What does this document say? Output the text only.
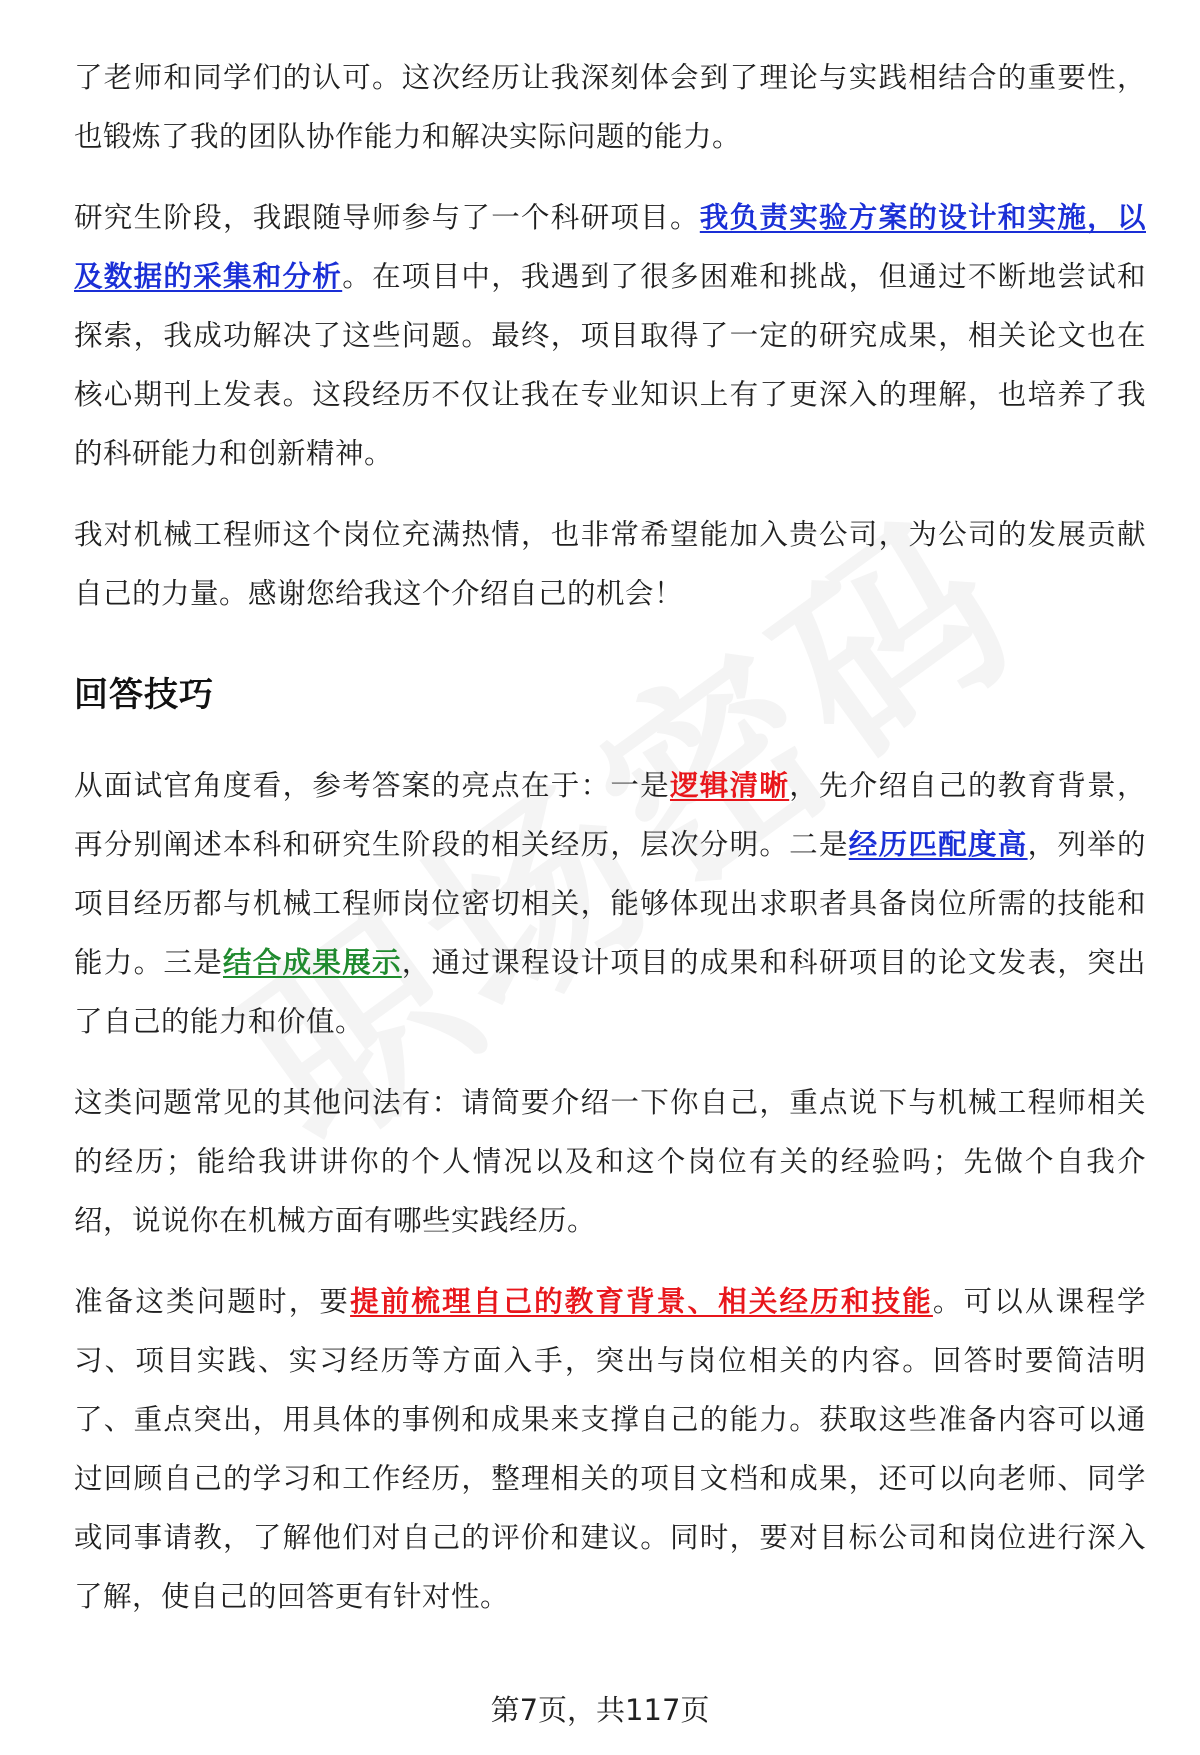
了老师和同学们的认可。这次经历让我深刻体会到了理论与实践相结合的重要性，也锻炼了我的团队协作能力和解决实际问题的能力。

研究生阶段，我跟随导师参与了一个科研项目。我负责实验方案的设计和实施，以及数据的采集和分析。在项目中，我遇到了很多困难和挑战，但通过不断地尝试和探索，我成功解决了这些问题。最终，项目取得了一定的研究成果，相关论文也在核心期刊上发表。这段经历不仅让我在专业知识上有了更深入的理解，也培养了我的科研能力和创新精神。

我对机械工程师这个岗位充满热情，也非常希望能加入贵公司，为公司的发展贡献自己的力量。感谢您给我这个介绍自己的机会！

回答技巧

从面试官角度看，参考答案的亮点在于：一是逻辑清晰，先介绍自己的教育背景，再分别阐述本科和研究生阶段的相关经历，层次分明。二是经历匹配度高，列举的项目经历都与机械工程师岗位密切相关，能够体现出求职者具备岗位所需的技能和能力。三是结合成果展示，通过课程设计项目的成果和科研项目的论文发表，突出了自己的能力和价值。

这类问题常见的其他问法有：请简要介绍一下你自己，重点说下与机械工程师相关的经历；能给我讲讲你的个人情况以及和这个岗位有关的经验吗；先做个自我介绍，说说你在机械方面有哪些实践经历。

准备这类问题时，要提前梳理自己的教育背景、相关经历和技能。可以从课程学习、项目实践、实习经历等方面入手，突出与岗位相关的内容。回答时要简洁明了、重点突出，用具体的事例和成果来支撑自己的能力。获取这些准备内容可以通过回顾自己的学习和工作经历，整理相关的项目文档和成果，还可以向老师、同学或同事请教，了解他们对自己的评价和建议。同时，要对目标公司和岗位进行深入了解，使自己的回答更有针对性。

第7页，共117页
